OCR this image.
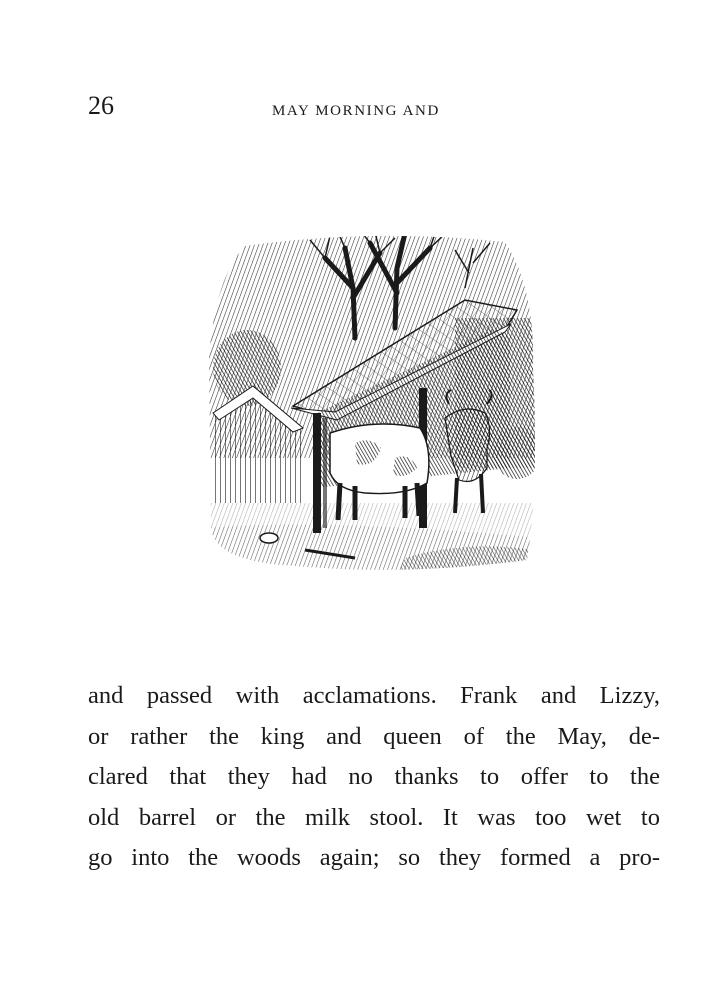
26	MAY MORNING AND
and passed with acclamations. Frank and Lizzy,
or rather the king and queen of the May, de-
clared that they had no thanks to offer to the
old barrel or the milk stool. It was too wet to
go into the woods again; so they formed a pro-
